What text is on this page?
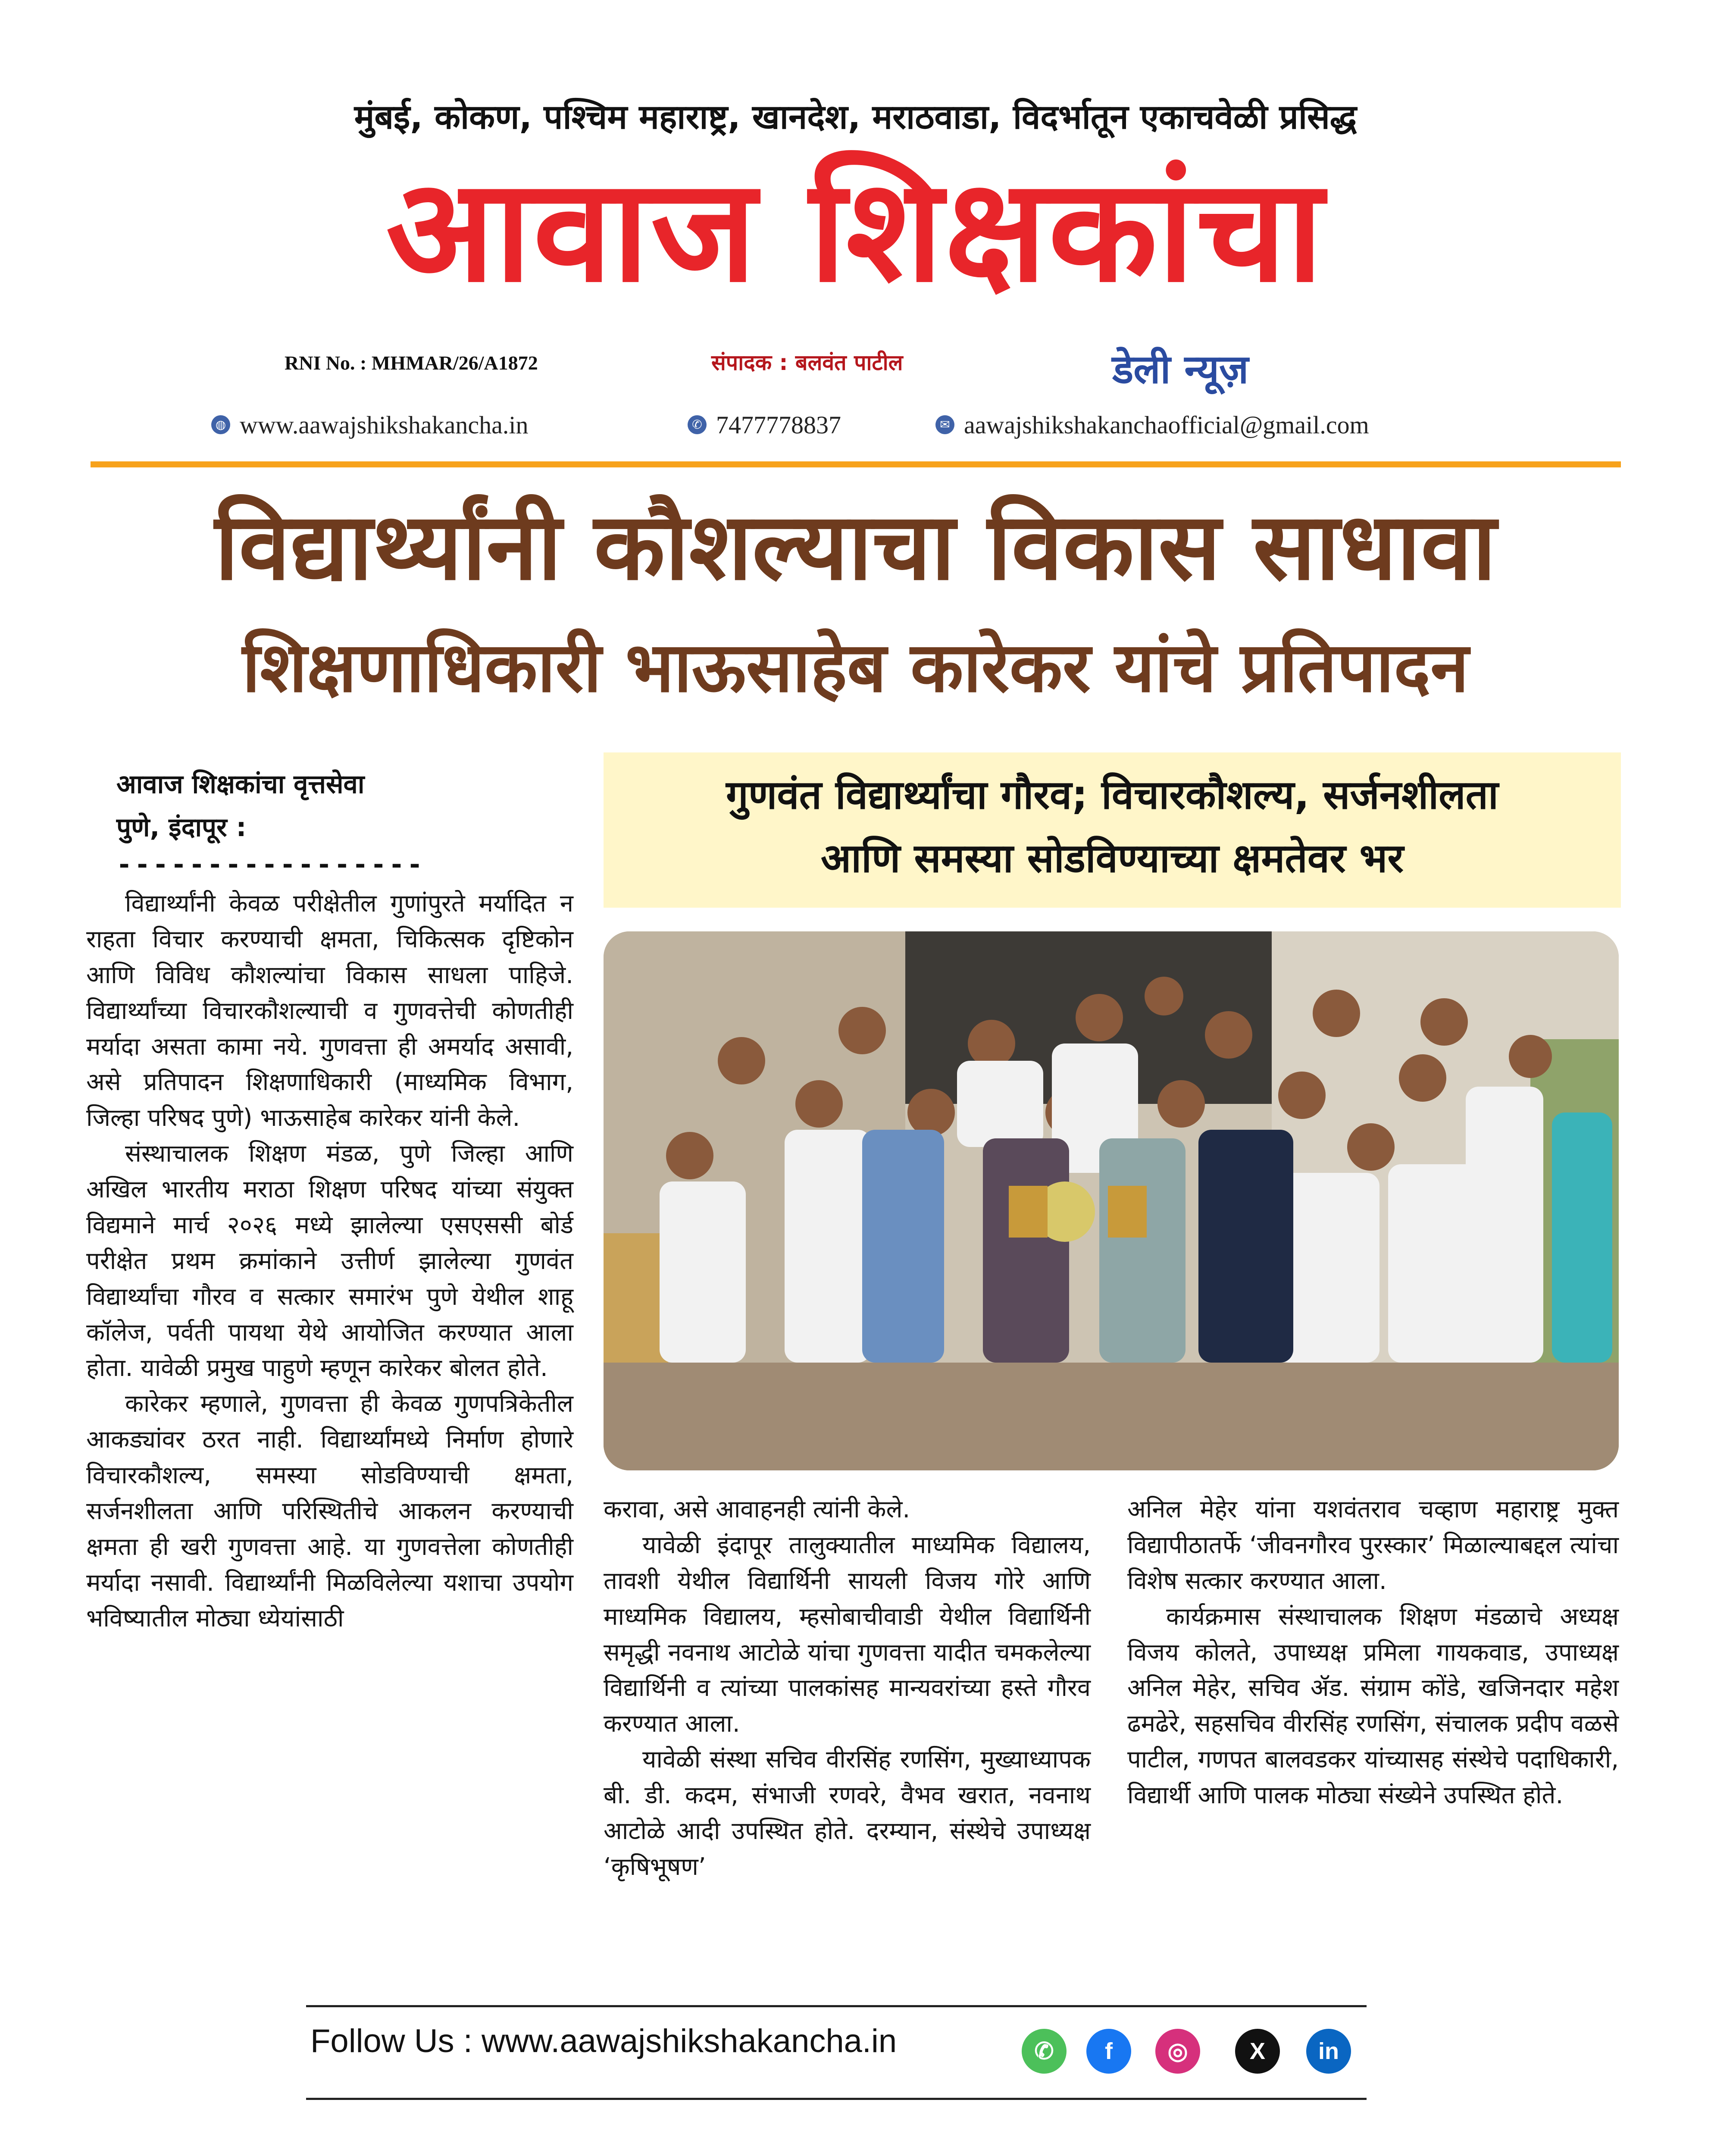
मुंबई, कोकण, पश्चिम महाराष्ट्र, खानदेश, मराठवाडा, विदर्भातून एकाचवेळी प्रसिद्ध
आवाज शिक्षकांचा
RNI No. : MHMAR/26/A1872	संपादक : बलवंत पाटील	डेली न्यूज़
◍ www.aawajshikshakancha.in	✆ 7477778837	✉ aawajshikshakanchaofficial@gmail.com
विद्यार्थ्यांनी कौशल्याचा विकास साधावा
शिक्षणाधिकारी भाऊसाहेब कारेकर यांचे प्रतिपादन
आवाज शिक्षकांचा वृत्तसेवा
पुणे, इंदापूर :
-----------------
गुणवंत विद्यार्थ्यांचा गौरव; विचारकौशल्य, सर्जनशीलता
आणि समस्या सोडविण्याच्या क्षमतेवर भर

विद्यार्थ्यांनी केवळ परीक्षेतील गुणांपुरते मर्यादित न राहता विचार करण्याची क्षमता, चिकित्सक दृष्टिकोन आणि विविध कौशल्यांचा विकास साधला पाहिजे. विद्यार्थ्यांच्या विचारकौशल्याची व गुणवत्तेची कोणतीही मर्यादा असता कामा नये. गुणवत्ता ही अमर्याद असावी, असे प्रतिपादन शिक्षणाधिकारी (माध्यमिक विभाग, जिल्हा परिषद पुणे) भाऊसाहेब कारेकर यांनी केले.

संस्थाचालक शिक्षण मंडळ, पुणे जिल्हा आणि अखिल भारतीय मराठा शिक्षण परिषद यांच्या संयुक्त विद्यमाने मार्च २०२६ मध्ये झालेल्या एसएससी बोर्ड परीक्षेत प्रथम क्रमांकाने उत्तीर्ण झालेल्या गुणवंत विद्यार्थ्यांचा गौरव व सत्कार समारंभ पुणे येथील शाहू कॉलेज, पर्वती पायथा येथे आयोजित करण्यात आला होता. यावेळी प्रमुख पाहुणे म्हणून कारेकर बोलत होते.

कारेकर म्हणाले, गुणवत्ता ही केवळ गुणपत्रिकेतील आकड्यांवर ठरत नाही. विद्यार्थ्यांमध्ये निर्माण होणारे विचारकौशल्य, समस्या सोडविण्याची क्षमता, सर्जनशीलता आणि परिस्थितीचे आकलन करण्याची क्षमता ही खरी गुणवत्ता आहे. या गुणवत्तेला कोणतीही मर्यादा नसावी. विद्यार्थ्यांनी मिळविलेल्या यशाचा उपयोग भविष्यातील मोठ्या ध्येयांसाठी

करावा, असे आवाहनही त्यांनी केले.

यावेळी इंदापूर तालुक्यातील माध्यमिक विद्यालय, तावशी येथील विद्यार्थिनी सायली विजय गोरे आणि माध्यमिक विद्यालय, म्हसोबाचीवाडी येथील विद्यार्थिनी समृद्धी नवनाथ आटोळे यांचा गुणवत्ता यादीत चमकलेल्या विद्यार्थिनी व त्यांच्या पालकांसह मान्यवरांच्या हस्ते गौरव करण्यात आला.

यावेळी संस्था सचिव वीरसिंह रणसिंग, मुख्याध्यापक बी. डी. कदम, संभाजी रणवरे, वैभव खरात, नवनाथ आटोळे आदी उपस्थित होते. दरम्यान, संस्थेचे उपाध्यक्ष ‘कृषिभूषण’

अनिल मेहेर यांना यशवंतराव चव्हाण महाराष्ट्र मुक्त विद्यापीठातर्फे ‘जीवनगौरव पुरस्कार’ मिळाल्याबद्दल त्यांचा विशेष सत्कार करण्यात आला.

कार्यक्रमास संस्थाचालक शिक्षण मंडळाचे अध्यक्ष विजय कोलते, उपाध्यक्ष प्रमिला गायकवाड, उपाध्यक्ष अनिल मेहेर, सचिव ॲड. संग्राम कोंडे, खजिनदार महेश ढमढेरे, सहसचिव वीरसिंह रणसिंग, संचालक प्रदीप वळसे पाटील, गणपत बालवडकर यांच्यासह संस्थेचे पदाधिकारी, विद्यार्थी आणि पालक मोठ्या संख्येने उपस्थित होते.

Follow Us : www.aawajshikshakancha.in	✆	f	◎	X	in
